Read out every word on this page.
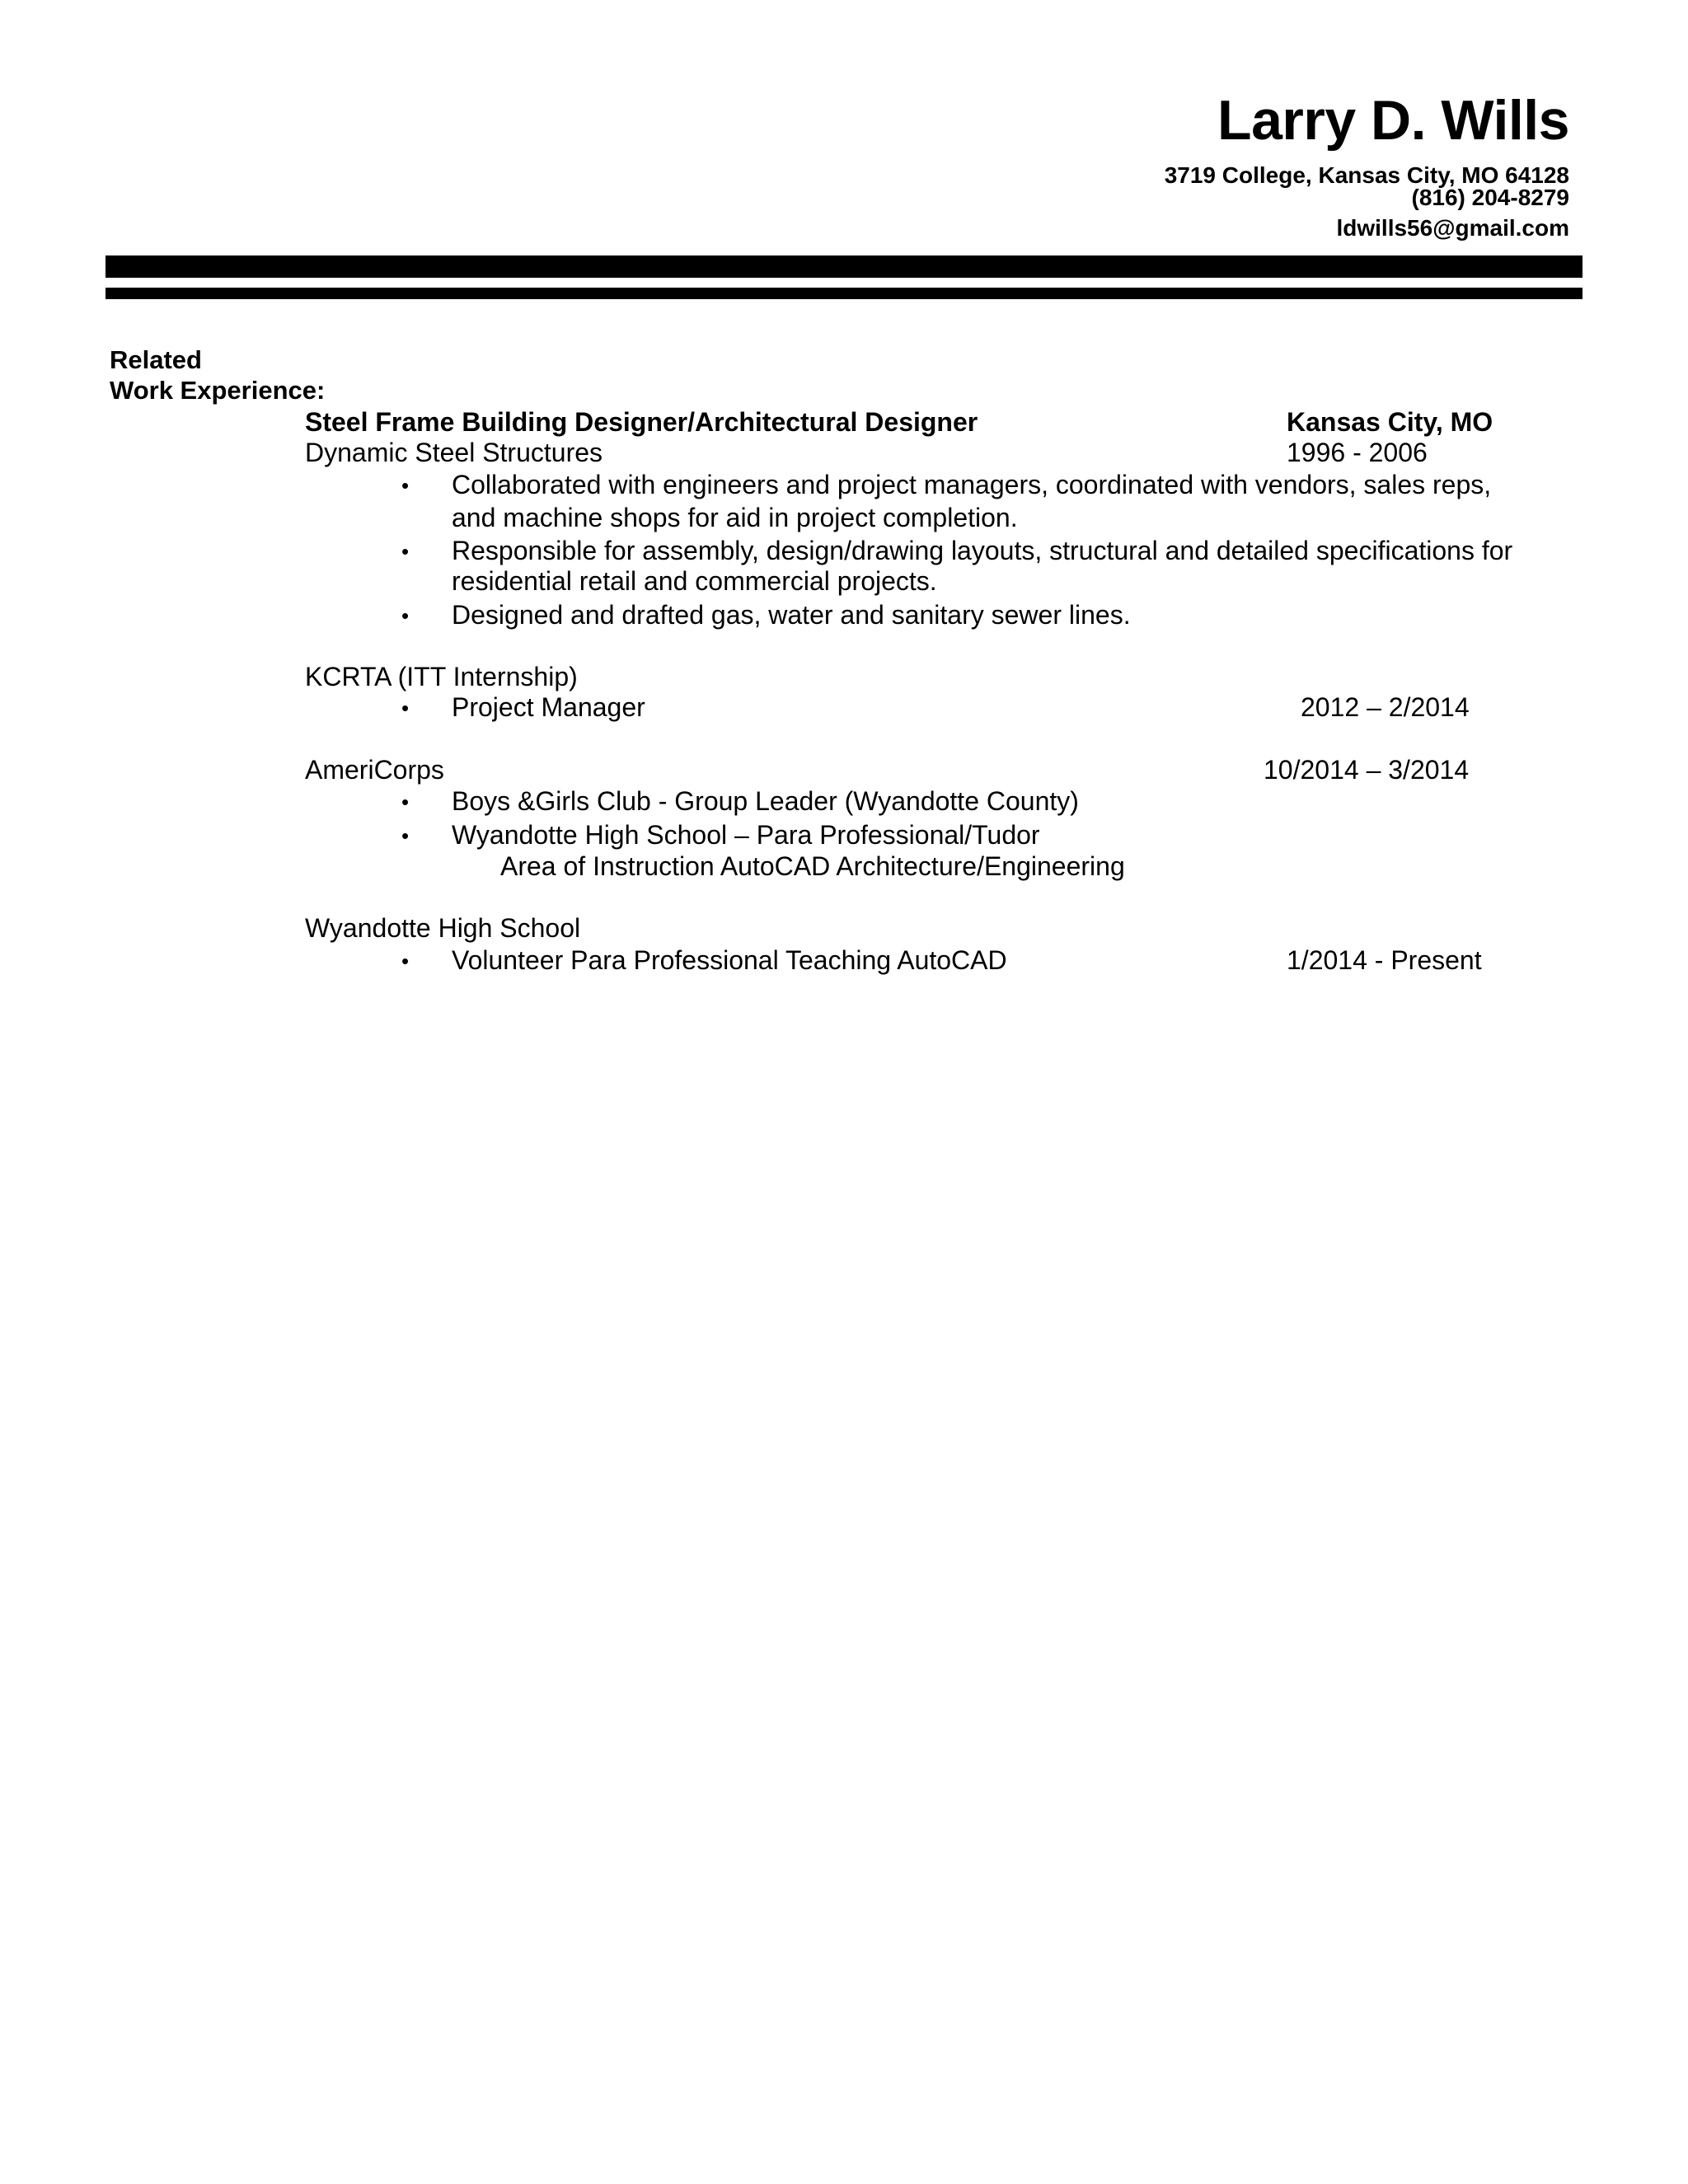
Larry D. Wills
3719 College, Kansas City, MO 64128
(816) 204-8279
ldwills56@gmail.com
Related
Work Experience:
Steel Frame Building Designer/Architectural Designer	Kansas City, MO
Dynamic Steel Structures	1996 - 2006
• Collaborated with engineers and project managers, coordinated with vendors, sales reps,
and machine shops for aid in project completion.
• Responsible for assembly, design/drawing layouts, structural and detailed specifications for
residential retail and commercial projects.
• Designed and drafted gas, water and sanitary sewer lines.
KCRTA (ITT Internship)
• Project Manager	2012 – 2/2014
AmeriCorps	10/2014 – 3/2014
• Boys &Girls Club - Group Leader (Wyandotte County)
• Wyandotte High School – Para Professional/Tudor
Area of Instruction AutoCAD Architecture/Engineering
Wyandotte High School
• Volunteer Para Professional Teaching AutoCAD	1/2014 - Present
